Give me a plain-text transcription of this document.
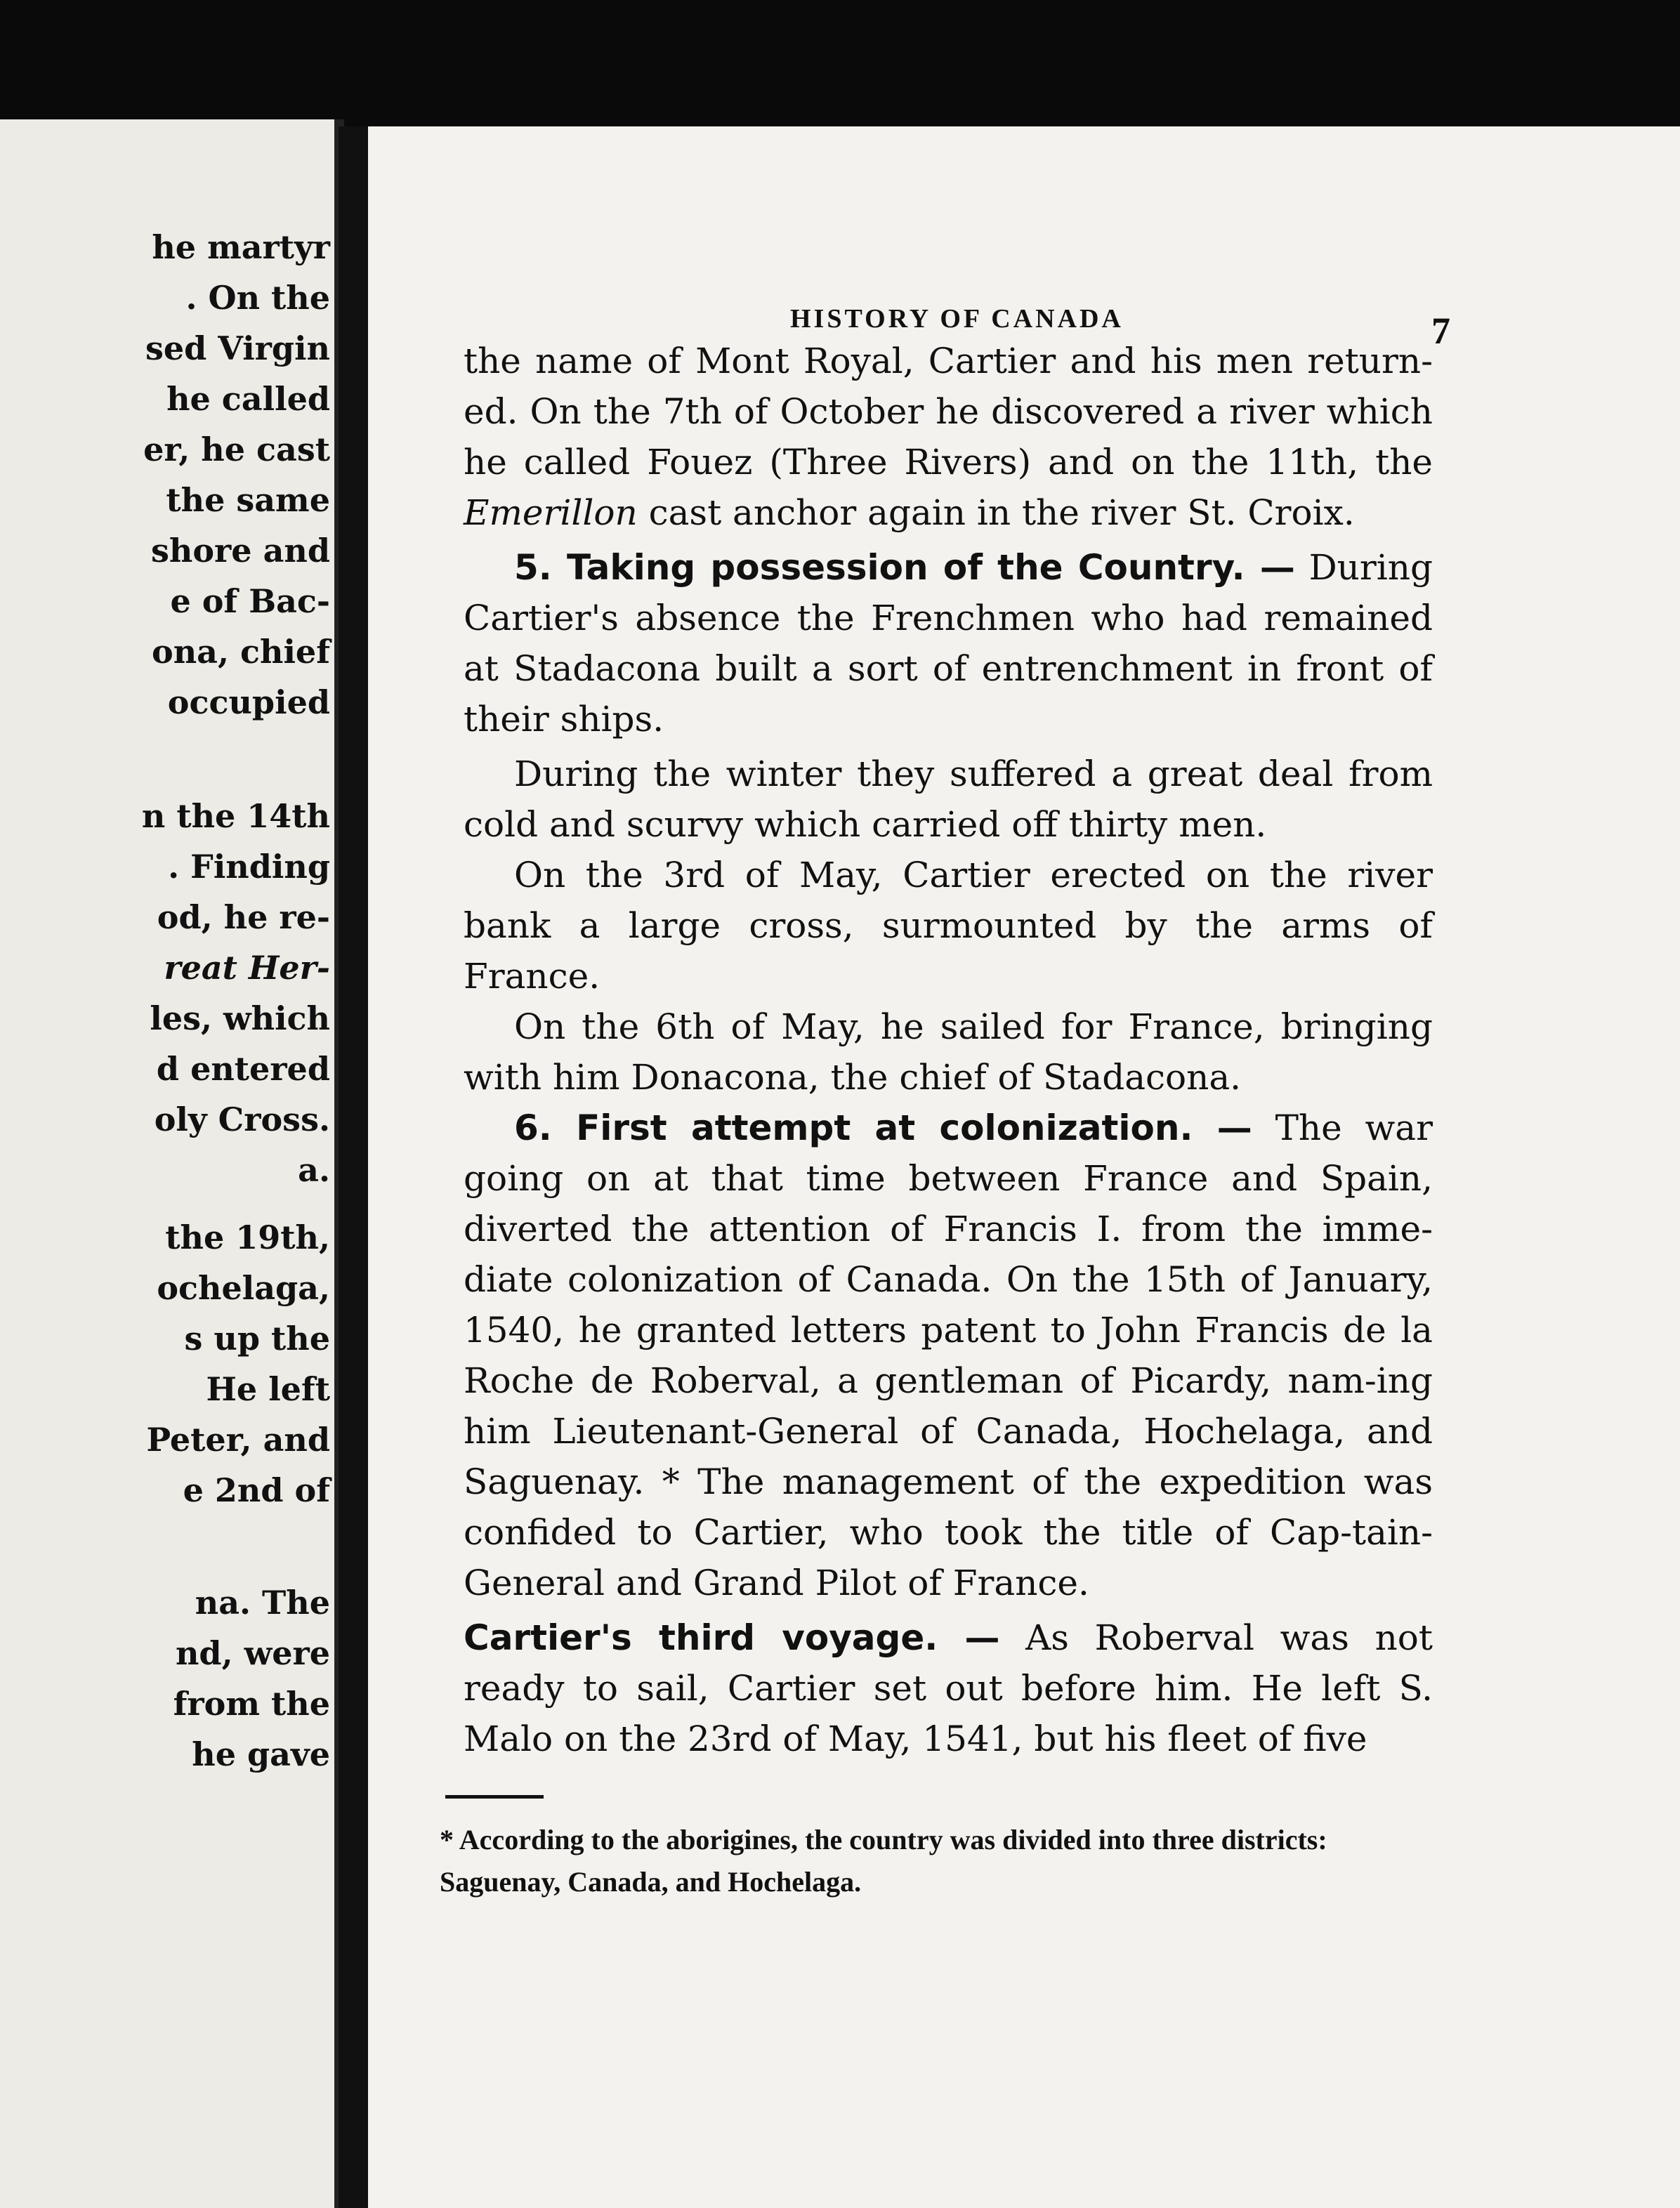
he martyr
. On the
sed Virgin
he called
er, he cast
the same
shore and
e of Bac-
ona, chief
occupied
n the 14th
. Finding
od, he re-
reat Her-
les, which
d entered
oly Cross.
a.
the 19th,
ochelaga,
s up the
He left
Peter, and
e 2nd of
na. The
nd, were
from the
he gave
HISTORY OF CANADA	7

the name of Mont Royal, Cartier and his men return-ed. On the 7th of October he discovered a river which he called Fouez (Three Rivers) and on the 11th, the Emerillon cast anchor again in the river St. Croix.

5. Taking possession of the Country. — During Cartier's absence the Frenchmen who had remained at Stadacona built a sort of entrenchment in front of their ships.

During the winter they suffered a great deal from cold and scurvy which carried off thirty men.

On the 3rd of May, Cartier erected on the river bank a large cross, surmounted by the arms of France.

On the 6th of May, he sailed for France, bringing with him Donacona, the chief of Stadacona.

6. First attempt at colonization. — The war going on at that time between France and Spain, diverted the attention of Francis I. from the imme-diate colonization of Canada. On the 15th of January, 1540, he granted letters patent to John Francis de la Roche de Roberval, a gentleman of Picardy, nam-ing him Lieutenant-General of Canada, Hochelaga, and Saguenay. * The management of the expedition was confided to Cartier, who took the title of Cap-tain-General and Grand Pilot of France.

Cartier's third voyage. — As Roberval was not ready to sail, Cartier set out before him. He left S. Malo on the 23rd of May, 1541, but his fleet of five

* According to the aborigines, the country was divided into three districts: Saguenay, Canada, and Hochelaga.
